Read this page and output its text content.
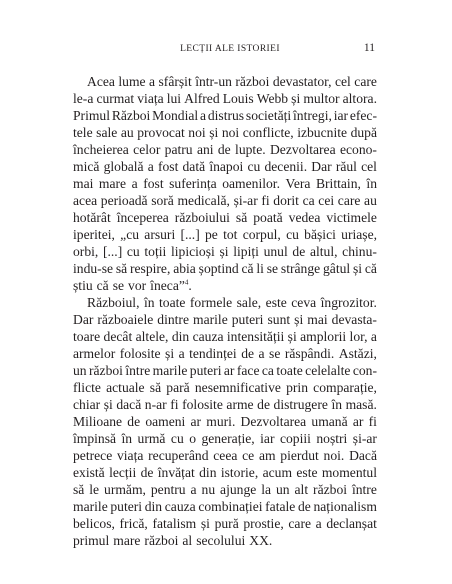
LECȚII ALE ISTORIEI	11
Acea lume a sfârșit într-un război devastator, cel care
le-a curmat viața lui Alfred Louis Webb și multor altora.
Primul Război Mondial a distrus societăți întregi, iar efec-
tele sale au provocat noi și noi conflicte, izbucnite după
încheierea celor patru ani de lupte. Dezvoltarea econo-
mică globală a fost dată înapoi cu decenii. Dar răul cel
mai mare a fost suferința oamenilor. Vera Brittain, în
acea perioadă soră medicală, și-ar fi dorit ca cei care au
hotărât începerea războiului să poată vedea victimele
iperitei, „cu arsuri [...] pe tot corpul, cu bășici uriașe,
orbi, [...] cu toții lipicioși și lipiți unul de altul, chinu-
indu-se să respire, abia șoptind că li se strânge gâtul și că
știu că se vor îneca”$^4$.
Războiul, în toate formele sale, este ceva îngrozitor.
Dar războaiele dintre marile puteri sunt și mai devasta-
toare decât altele, din cauza intensității și amplorii lor, a
armelor folosite și a tendinței de a se răspândi. Astăzi,
un război între marile puteri ar face ca toate celelalte con-
flicte actuale să pară nesemnificative prin comparație,
chiar și dacă n-ar fi folosite arme de distrugere în masă.
Milioane de oameni ar muri. Dezvoltarea umană ar fi
împinsă în urmă cu o generație, iar copiii noștri și-ar
petrece viața recuperând ceea ce am pierdut noi. Dacă
există lecții de învățat din istorie, acum este momentul
să le urmăm, pentru a nu ajunge la un alt război între
marile puteri din cauza combinației fatale de naționalism
belicos, frică, fatalism și pură prostie, care a declanșat
primul mare război al secolului XX.
